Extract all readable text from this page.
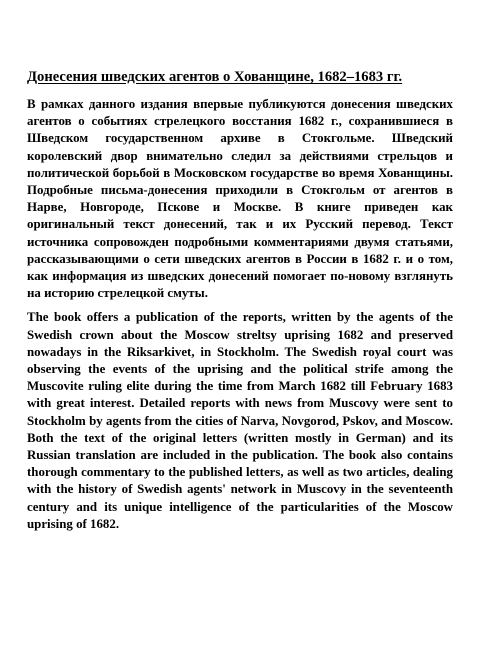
Донесения шведских агентов о Хованщине, 1682–1683 гг.

В рамках данного издания впервые публикуются донесения шведских агентов о событиях стрелецкого восстания 1682 г., сохранившиеся в Шведском государственном архиве в Стокгольме. Шведский королевский двор внимательно следил за действиями стрельцов и политической борьбой в Московском государстве во время Хованщины. Подробные письма-донесения приходили в Стокгольм от агентов в Нарве, Новгороде, Пскове и Москве. В книге приведен как оригинальный текст донесений, так и их Русский перевод. Текст источника сопровожден подробными комментариями двумя статьями, рассказывающими о сети шведских агентов в России в 1682 г. и о том, как информация из шведских донесений помогает по-новому взглянуть на историю стрелецкой смуты.

The book offers a publication of the reports, written by the agents of the Swedish crown about the Moscow streltsy uprising 1682 and preserved nowadays in the Riksarkivet, in Stockholm. The Swedish royal court was observing the events of the uprising and the political strife among the Muscovite ruling elite during the time from March 1682 till February 1683 with great interest. Detailed reports with news from Muscovy were sent to Stockholm by agents from the cities of Narva, Novgorod, Pskov, and Moscow. Both the text of the original letters (written mostly in German) and its Russian translation are included in the publication. The book also contains thorough commentary to the published letters, as well as two articles, dealing with the history of Swedish agents' network in Muscovy in the seventeenth century and its unique intelligence of the particularities of the Moscow uprising of 1682.
